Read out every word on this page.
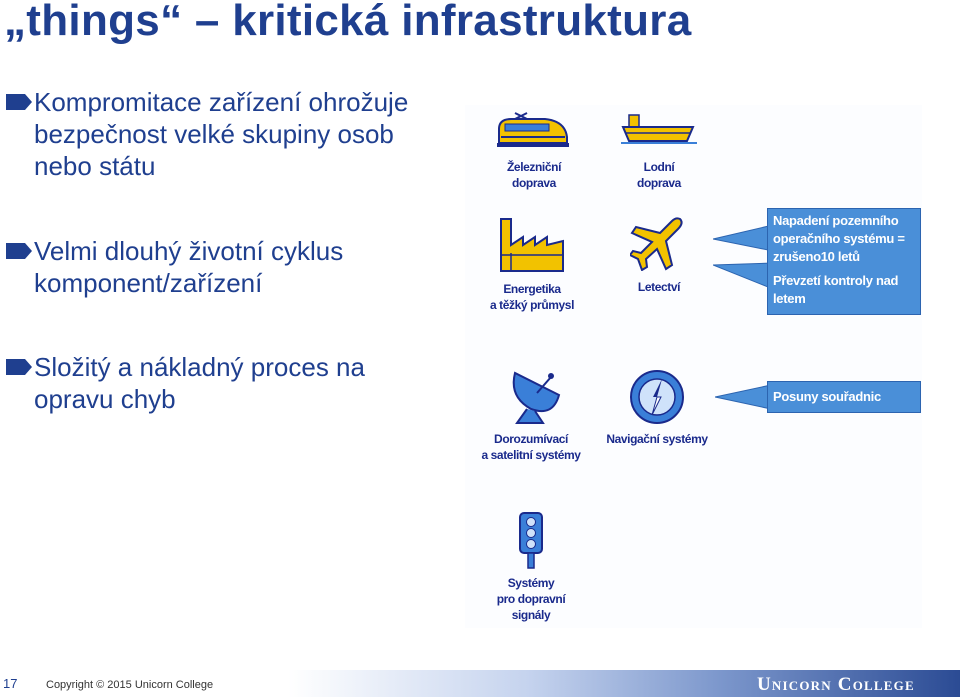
„things“ – kritická infrastruktura
Kompromitace zařízení ohrožuje bezpečnost velké skupiny osob nebo státu
Velmi dlouhý životní cyklus komponent/zařízení
Složitý a nákladný proces na opravu chyb
Železniční
doprava
Lodní
doprava
Energetika
a těžký průmysl
Letectví
Napadení pozemního operačního systému = zrušeno10 letů
Převzetí kontroly nad letem
Dorozumívací
a satelitní systémy
Navigační systémy
Posuny souřadnic
Systémy
pro dopravní
signály
17	Copyright © 2015 Unicorn College	Unicorn College
